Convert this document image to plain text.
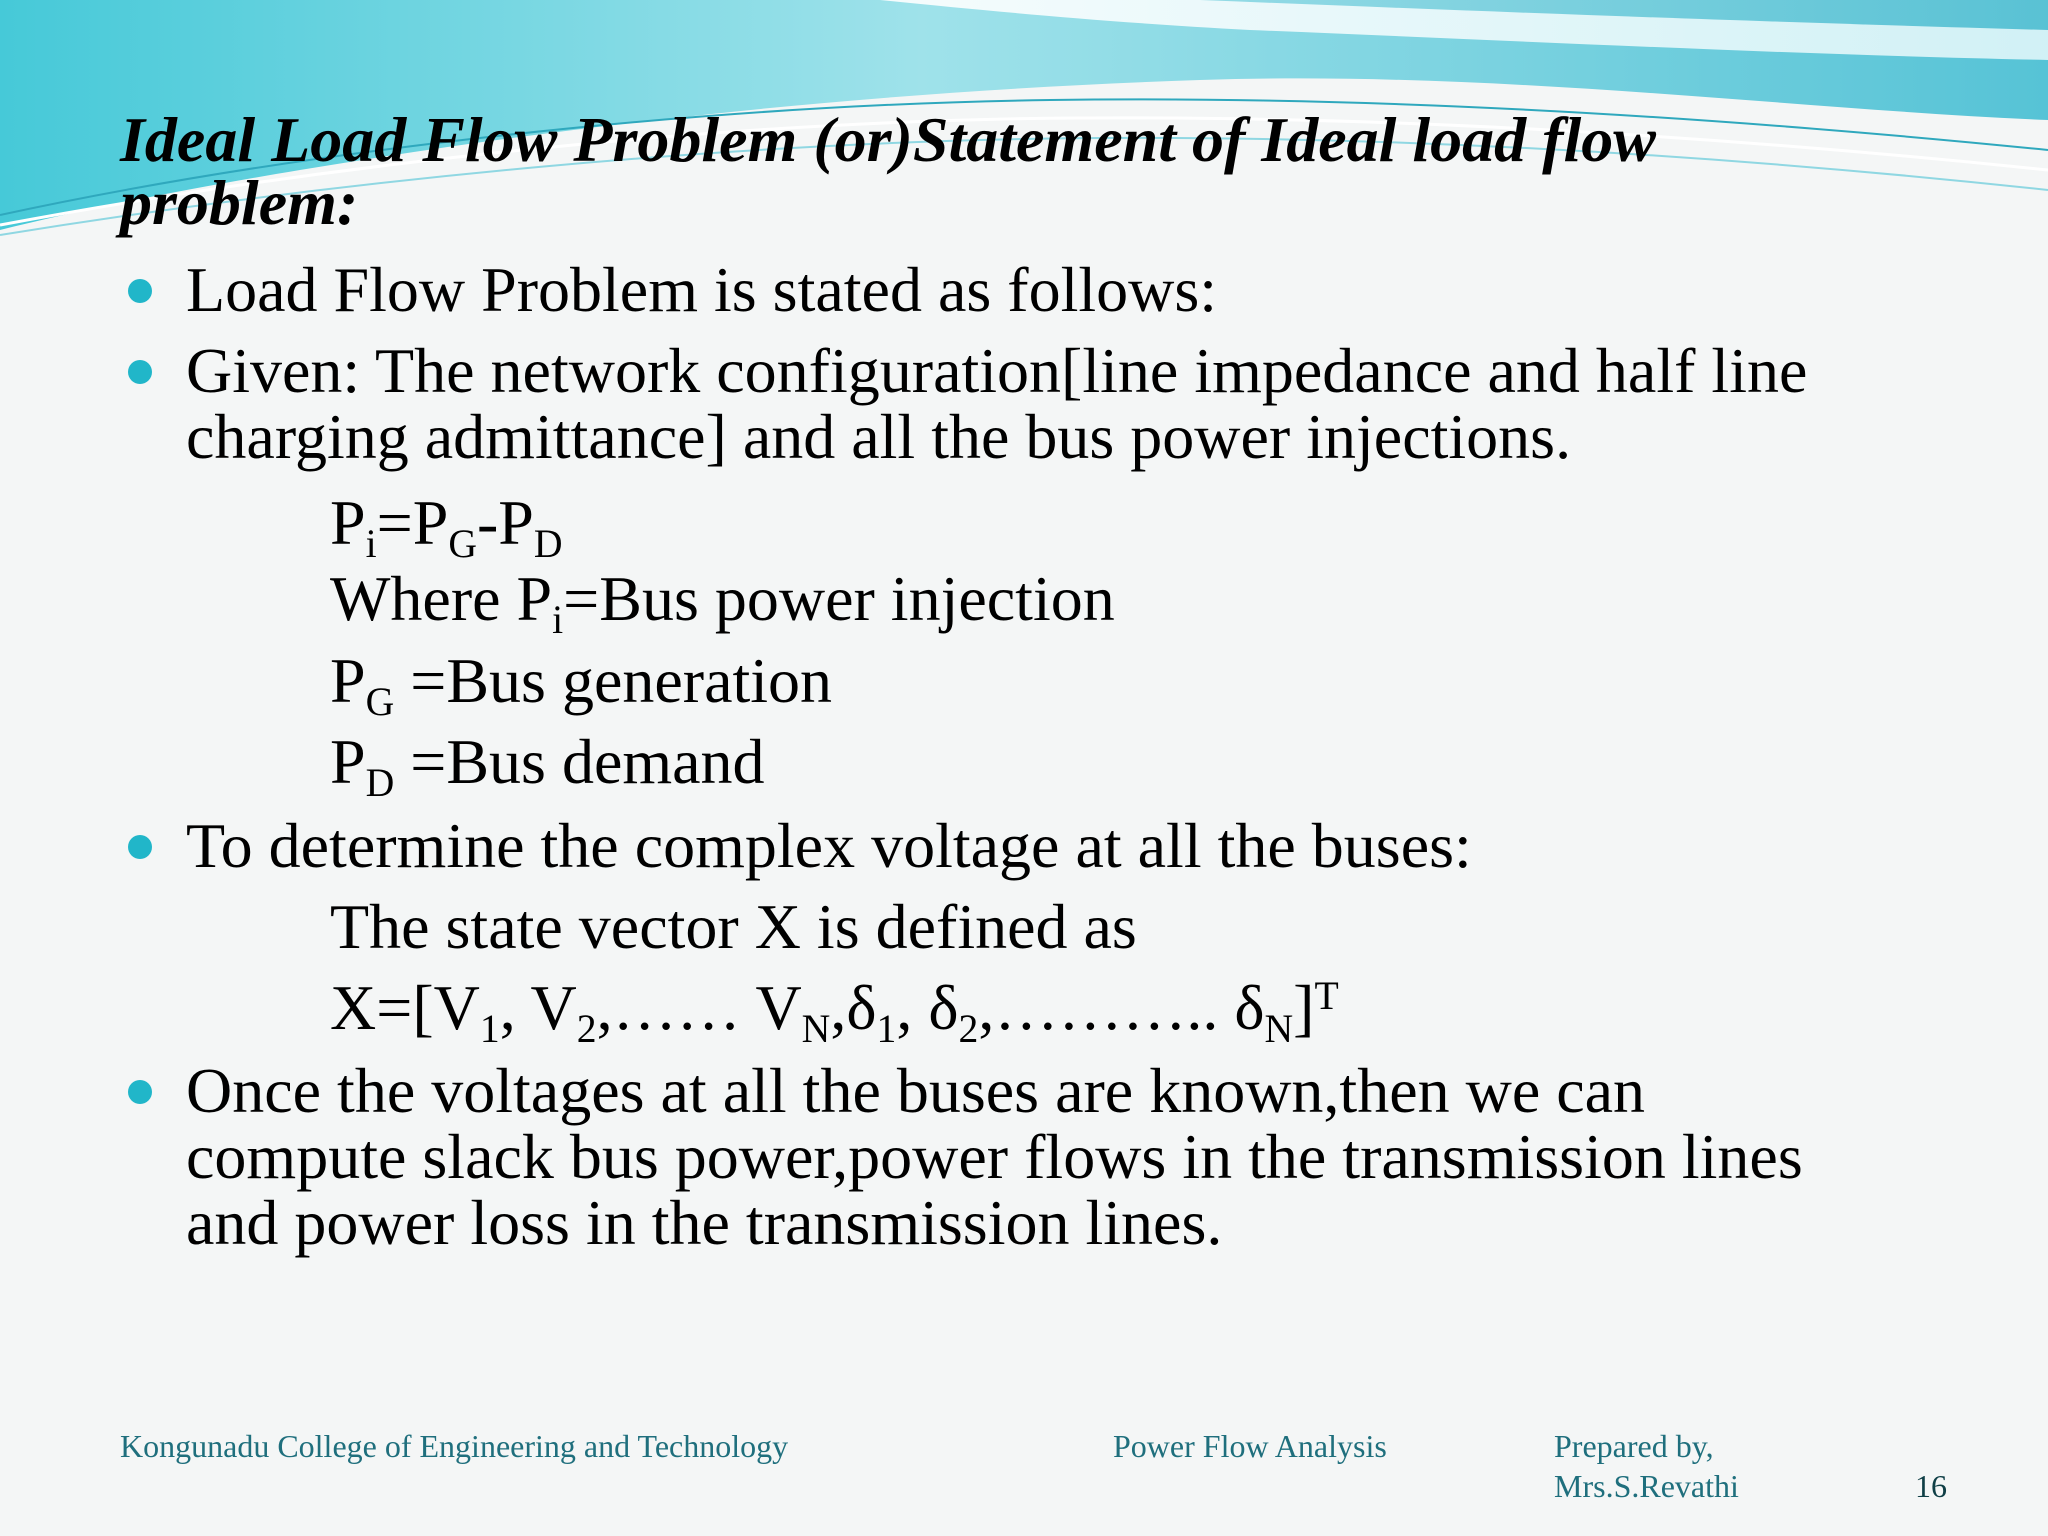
Ideal Load Flow Problem (or)Statement of Ideal load flow
problem:
Load Flow Problem is stated as follows:
Given: The network configuration[line impedance and half line
charging admittance] and all the bus power injections.
To determine the complex voltage at all the buses:
Once the voltages at all the buses are known,then we can
compute slack bus power,power flows in the transmission lines
and power loss in the transmission lines.
$P_i=P_G-P_D$
Where $P_i=Bus$ power injection
$P_G =Bus$ generation
$P_D =Bus$ demand
The state vector X is defined as
$X=[V_1$, $V_2,\dots\dots$ $V_N,\delta_1$, $\delta_2,\dots\dots\dots$.. $\delta_N]^T$
Kongunadu College of Engineering and Technology	Power Flow Analysis	Prepared by,
Mrs.S.Revathi	16
